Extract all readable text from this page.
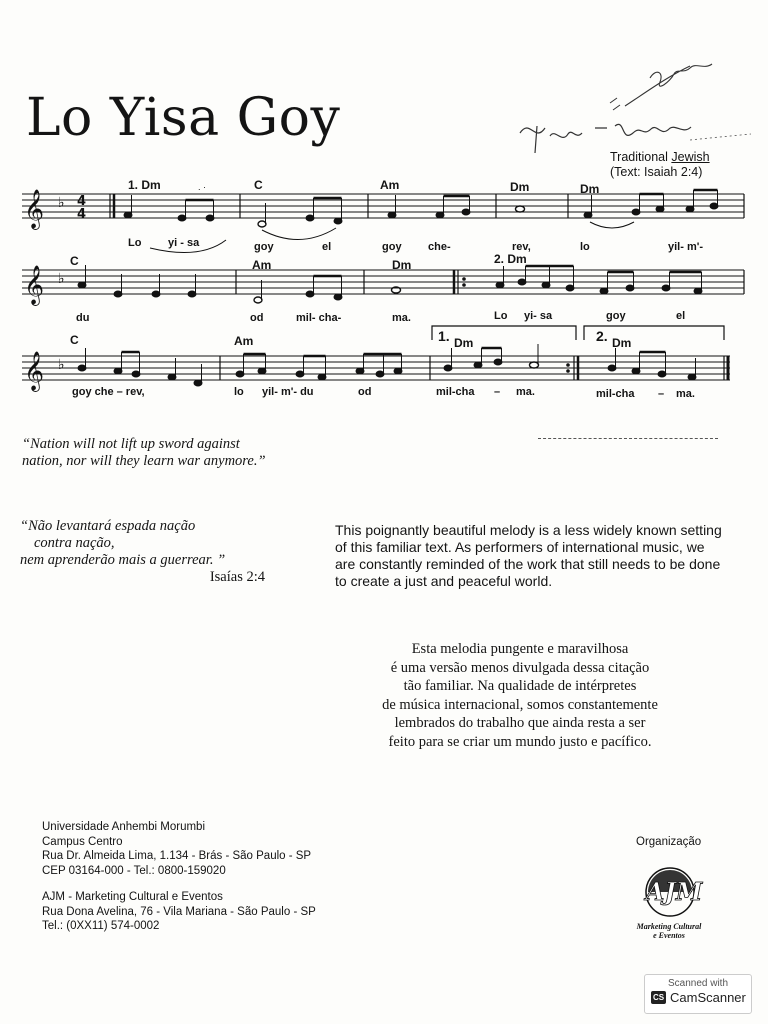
Lo Yisa Goy
Traditional Jewish
(Text: Isaiah 2:4)
𝄞
𝄞
𝄞
♭
♭
♭
4
4
. ·
1. Dm	C	Am	Dm	Dm
C	Am	Dm	2. Dm
C	Am	1. Dm	2. Dm
Lo yi - sa	goy	el	goy che-	rev,	lo	yil- m'-
du	od	mil- cha-	ma.	Lo yi- sa	goy	el
goy che – rev,	lo yil- m'- du	od	mil-cha – ma.	mil-cha – ma.
“Nation will not lift up sword against nation, nor will they learn war anymore.”
“Não levantará espada nação
contra nação,
nem aprenderão mais a guerrear. ”
Isaías 2:4
This poignantly beautiful melody is a less widely known setting of this familiar text. As performers of international music, we are constantly reminded of the work that still needs to be done to create a just and peaceful world.
Esta melodia pungente e maravilhosa
é uma versão menos divulgada dessa citação
tão familiar. Na qualidade de intérpretes
de música internacional, somos constantemente
lembrados do trabalho que ainda resta a ser
feito para se criar um mundo justo e pacífico.
Universidade Anhembi Morumbi
Campus Centro
Rua Dr. Almeida Lima, 1.134 - Brás - São Paulo - SP
CEP 03164-000 - Tel.: 0800-159020
AJM - Marketing Cultural e Eventos
Rua Dona Avelina, 76 - Vila Mariana - São Paulo - SP
Tel.: (0XX11) 574-0002
Organização
AJM
Marketing Cultural
e Eventos
Scanned with
CS CamScanner
